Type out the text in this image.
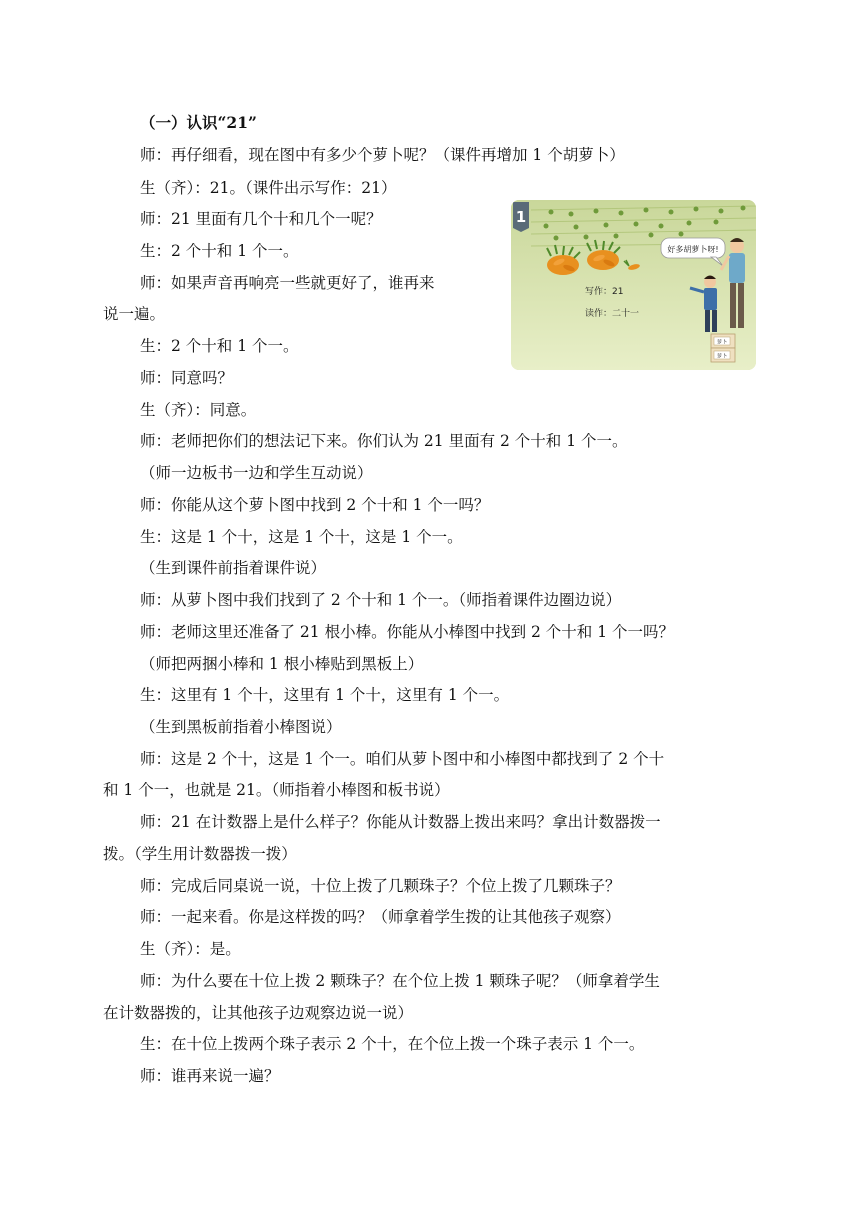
（一）认识“21”
师：再仔细看，现在图中有多少个萝卜呢？（课件再增加 1 个胡萝卜）
生（齐）：21。（课件出示写作：21）
师：21 里面有几个十和几个一呢？
生：2 个十和 1 个一。
师：如果声音再响亮一些就更好了，谁再来
说一遍。
生：2 个十和 1 个一。
师：同意吗？
生（齐）：同意。
师：老师把你们的想法记下来。你们认为 21 里面有 2 个十和 1 个一。
（师一边板书一边和学生互动说）
师：你能从这个萝卜图中找到 2 个十和 1 个一吗？
生：这是 1 个十，这是 1 个十，这是 1 个一。
（生到课件前指着课件说）
师：从萝卜图中我们找到了 2 个十和 1 个一。（师指着课件边圈边说）
师：老师这里还准备了 21 根小棒。你能从小棒图中找到 2 个十和 1 个一吗？
（师把两捆小棒和 1 根小棒贴到黑板上）
生：这里有 1 个十，这里有 1 个十，这里有 1 个一。
（生到黑板前指着小棒图说）
师：这是 2 个十，这是 1 个一。咱们从萝卜图中和小棒图中都找到了 2 个十
和 1 个一，也就是 21。（师指着小棒图和板书说）
师：21 在计数器上是什么样子？你能从计数器上拨出来吗？拿出计数器拨一
拨。（学生用计数器拨一拨）
师：完成后同桌说一说，十位上拨了几颗珠子？个位上拨了几颗珠子？
师：一起来看。你是这样拨的吗？（师拿着学生拨的让其他孩子观察）
生（齐）：是。
师：为什么要在十位上拨 2 颗珠子？在个位上拨 1 颗珠子呢？（师拿着学生
在计数器拨的，让其他孩子边观察边说一说）
生：在十位上拨两个珠子表示 2 个十，在个位上拨一个珠子表示 1 个一。
师：谁再来说一遍？
1
写作：21
读作：二十一
好多胡萝卜呀!
萝卜
萝卜
